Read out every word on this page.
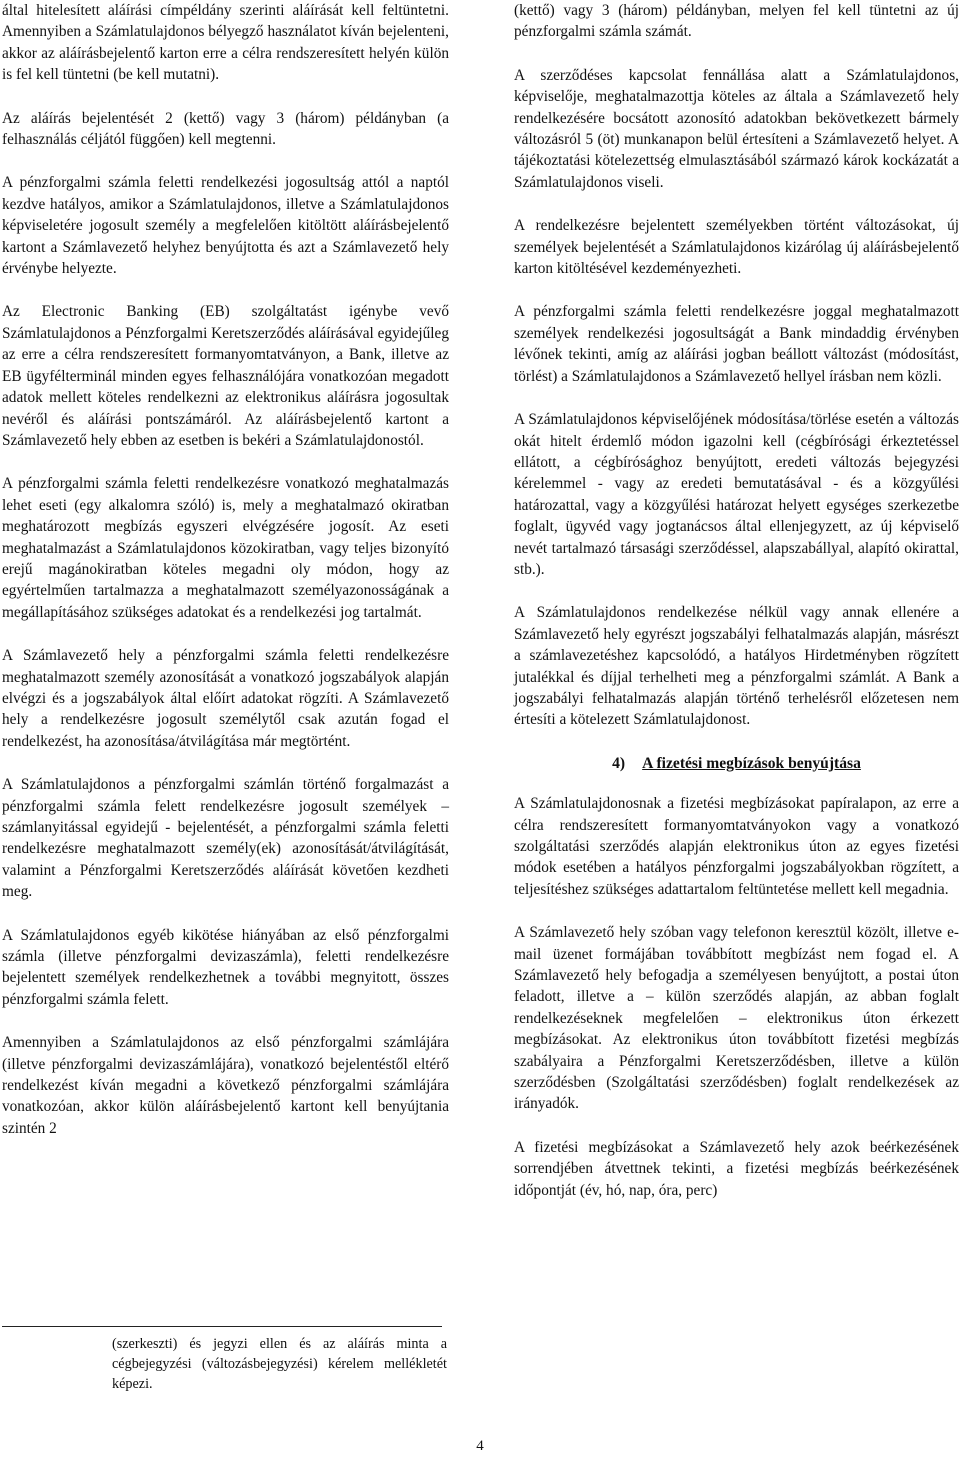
által hitelesített aláírási címpéldány szerinti aláírását kell feltüntetni. Amennyiben a Számlatulajdonos bélyegző használatot kíván bejelenteni, akkor az aláírásbejelentő karton erre a célra rendszeresített helyén külön is fel kell tüntetni (be kell mutatni).

Az aláírás bejelentését 2 (kettő) vagy 3 (három) példányban (a felhasználás céljától függően) kell megtenni.

A pénzforgalmi számla feletti rendelkezési jogosultság attól a naptól kezdve hatályos, amikor a Számlatulajdonos, illetve a Számlatulajdonos képviseletére jogosult személy a megfelelően kitöltött aláírásbejelentő kartont a Számlavezető helyhez benyújtotta és azt a Számlavezető hely érvénybe helyezte.

Az Electronic Banking (EB) szolgáltatást igénybe vevő Számlatulajdonos a Pénzforgalmi Keretszerződés aláírásával egyidejűleg az erre a célra rendszeresített formanyomtatványon, a Bank, illetve az EB ügyfélterminál minden egyes felhasználójára vonatkozóan megadott adatok mellett köteles rendelkezni az elektronikus aláírásra jogosultak nevéről és aláírási pontszámáról. Az aláírásbejelentő kartont a Számlavezető hely ebben az esetben is bekéri a Számlatulajdonostól.

A pénzforgalmi számla feletti rendelkezésre vonatkozó meghatalmazás lehet eseti (egy alkalomra szóló) is, mely a meghatalmazó okiratban meghatározott megbízás egyszeri elvégzésére jogosít. Az eseti meghatalmazást a Számlatulajdonos közokiratban, vagy teljes bizonyító erejű magánokiratban köteles megadni oly módon, hogy az egyértelműen tartalmazza a meghatalmazott személyazonosságának a megállapításához szükséges adatokat és a rendelkezési jog tartalmát.

A Számlavezető hely a pénzforgalmi számla feletti rendelkezésre meghatalmazott személy azonosítását a vonatkozó jogszabályok alapján elvégzi és a jogszabályok által előírt adatokat rögzíti. A Számlavezető hely a rendelkezésre jogosult személytől csak azután fogad el rendelkezést, ha azonosítása/átvilágítása már megtörtént.

A Számlatulajdonos a pénzforgalmi számlán történő forgalmazást a pénzforgalmi számla felett rendelkezésre jogosult személyek – számlanyitással egyidejű - bejelentését, a pénzforgalmi számla feletti rendelkezésre meghatalmazott személy(ek) azonosítását/átvilágítását, valamint a Pénzforgalmi Keretszerződés aláírását követően kezdheti meg.

A Számlatulajdonos egyéb kikötése hiányában az első pénzforgalmi számla (illetve pénzforgalmi devizaszámla), feletti rendelkezésre bejelentett személyek rendelkezhetnek a további megnyitott, összes pénzforgalmi számla felett.

Amennyiben a Számlatulajdonos az első pénzforgalmi számlájára (illetve pénzforgalmi devizaszámlájára), vonatkozó bejelentéstől eltérő rendelkezést kíván megadni a következő pénzforgalmi számlájára vonatkozóan, akkor külön aláírásbejelentő kartont kell benyújtania szintén 2

(szerkeszti) és jegyzi ellen és az aláírás minta a cégbejegyzési (változásbejegyzési) kérelem mellékletét képezi.

(kettő) vagy 3 (három) példányban, melyen fel kell tüntetni az új pénzforgalmi számla számát.

A szerződéses kapcsolat fennállása alatt a Számlatulajdonos, képviselője, meghatalmazottja köteles az általa a Számlavezető hely rendelkezésére bocsátott azonosító adatokban bekövetkezett bármely változásról 5 (öt) munkanapon belül értesíteni a Számlavezető helyet. A tájékoztatási kötelezettség elmulasztásából származó károk kockázatát a Számlatulajdonos viseli.

A rendelkezésre bejelentett személyekben történt változásokat, új személyek bejelentését a Számlatulajdonos kizárólag új aláírásbejelentő karton kitöltésével kezdeményezheti.

A pénzforgalmi számla feletti rendelkezésre joggal meghatalmazott személyek rendelkezési jogosultságát a Bank mindaddig érvényben lévőnek tekinti, amíg az aláírási jogban beállott változást (módosítást, törlést) a Számlatulajdonos a Számlavezető hellyel írásban nem közli.

A Számlatulajdonos képviselőjének módosítása/törlése esetén a változás okát hitelt érdemlő módon igazolni kell (cégbírósági érkeztetéssel ellátott, a cégbírósághoz benyújtott, eredeti változás bejegyzési kérelemmel - vagy az eredeti bemutatásával - és a közgyűlési határozattal, vagy a közgyűlési határozat helyett egységes szerkezetbe foglalt, ügyvéd vagy jogtanácsos által ellenjegyzett, az új képviselő nevét tartalmazó társasági szerződéssel, alapszabállyal, alapító okirattal, stb.).

A Számlatulajdonos rendelkezése nélkül vagy annak ellenére a Számlavezető hely egyrészt jogszabályi felhatalmazás alapján, másrészt a számlavezetéshez kapcsolódó, a hatályos Hirdetményben rögzített jutalékkal és díjjal terhelheti meg a pénzforgalmi számlát. A Bank a jogszabályi felhatalmazás alapján történő terhelésről előzetesen nem értesíti a kötelezett Számlatulajdonost.

4) A fizetési megbízások benyújtása

A Számlatulajdonosnak a fizetési megbízásokat papíralapon, az erre a célra rendszeresített formanyomtatványokon vagy a vonatkozó szolgáltatási szerződés alapján elektronikus úton az egyes fizetési módok esetében a hatályos pénzforgalmi jogszabályokban rögzített, a teljesítéshez szükséges adattartalom feltüntetése mellett kell megadnia.

A Számlavezető hely szóban vagy telefonon keresztül közölt, illetve e-mail üzenet formájában továbbított megbízást nem fogad el. A Számlavezető hely befogadja a személyesen benyújtott, a postai úton feladott, illetve a – külön szerződés alapján, az abban foglalt rendelkezéseknek megfelelően – elektronikus úton érkezett megbízásokat. Az elektronikus úton továbbított fizetési megbízás szabályaira a Pénzforgalmi Keretszerződésben, illetve a külön szerződésben (Szolgáltatási szerződésben) foglalt rendelkezések az irányadók.

A fizetési megbízásokat a Számlavezető hely azok beérkezésének sorrendjében átvettnek tekinti, a fizetési megbízás beérkezésének időpontját (év, hó, nap, óra, perc)

4
